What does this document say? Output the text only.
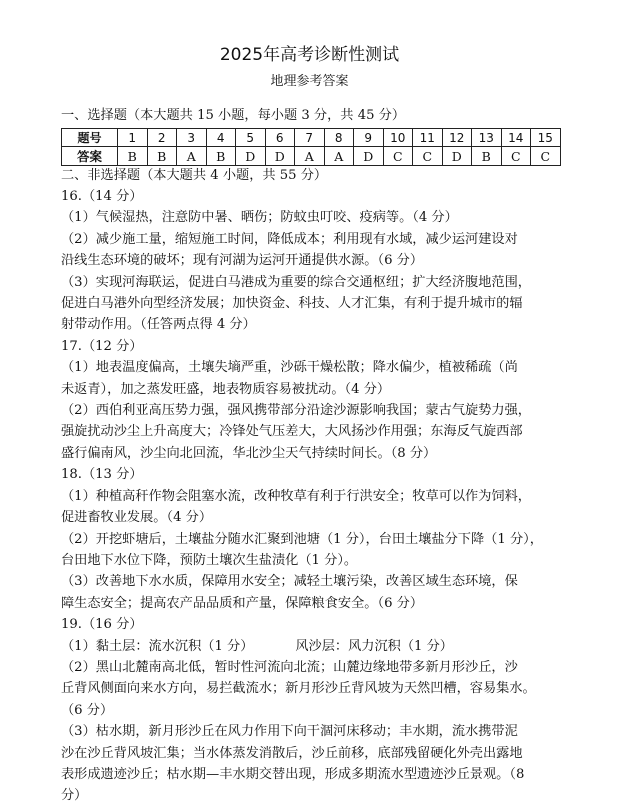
2025年高考诊断性测试
地理参考答案
一、选择题（本大题共 15 小题，每小题 3 分，共 45 分）
题号	1	2	3	4	5	6	7	8	9	10	11	12	13	14	15
答案	B	B	A	B	D	D	A	A	D	C	C	D	B	C	C
二、非选择题（本大题共 4 小题，共 55 分）

16.（14 分）

（1）气候湿热，注意防中暑、晒伤；防蚊虫叮咬、疫病等。（4 分）

（2）减少施工量，缩短施工时间，降低成本；利用现有水域，减少运河建设对

沿线生态环境的破坏；现有河湖为运河开通提供水源。（6 分）

（3）实现河海联运，促进白马港成为重要的综合交通枢纽；扩大经济腹地范围，

促进白马港外向型经济发展；加快资金、科技、人才汇集，有利于提升城市的辐

射带动作用。（任答两点得 4 分）

17.（12 分）

（1）地表温度偏高，土壤失墒严重，沙砾干燥松散；降水偏少，植被稀疏（尚

未返青），加之蒸发旺盛，地表物质容易被扰动。（4 分）

（2）西伯利亚高压势力强，强风携带部分沿途沙源影响我国；蒙古气旋势力强，

强旋扰动沙尘上升高度大；冷锋处气压差大，大风扬沙作用强；东海反气旋西部

盛行偏南风，沙尘向北回流，华北沙尘天气持续时间长。（8 分）

18.（13 分）

（1）种植高秆作物会阻塞水流，改种牧草有利于行洪安全；牧草可以作为饲料，

促进畜牧业发展。（4 分）

（2）开挖虾塘后，土壤盐分随水汇聚到池塘（1 分），台田土壤盐分下降（1 分），

台田地下水位下降，预防土壤次生盐渍化（1 分）。

（3）改善地下水水质，保障用水安全；减轻土壤污染，改善区域生态环境，保

障生态安全；提高农产品品质和产量，保障粮食安全。（6 分）

19.（16 分）

（1）黏土层：流水沉积（1 分）          风沙层：风力沉积（1 分）

（2）黑山北麓南高北低，暂时性河流向北流；山麓边缘地带多新月形沙丘，沙

丘背风侧面向来水方向，易拦截流水；新月形沙丘背风坡为天然凹槽，容易集水。

（6 分）

（3）枯水期，新月形沙丘在风力作用下向干涸河床移动；丰水期，流水携带泥

沙在沙丘背风坡汇集；当水体蒸发消散后，沙丘前移，底部残留硬化外壳出露地

表形成遗迹沙丘；枯水期—丰水期交替出现，形成多期流水型遗迹沙丘景观。（8

分）
